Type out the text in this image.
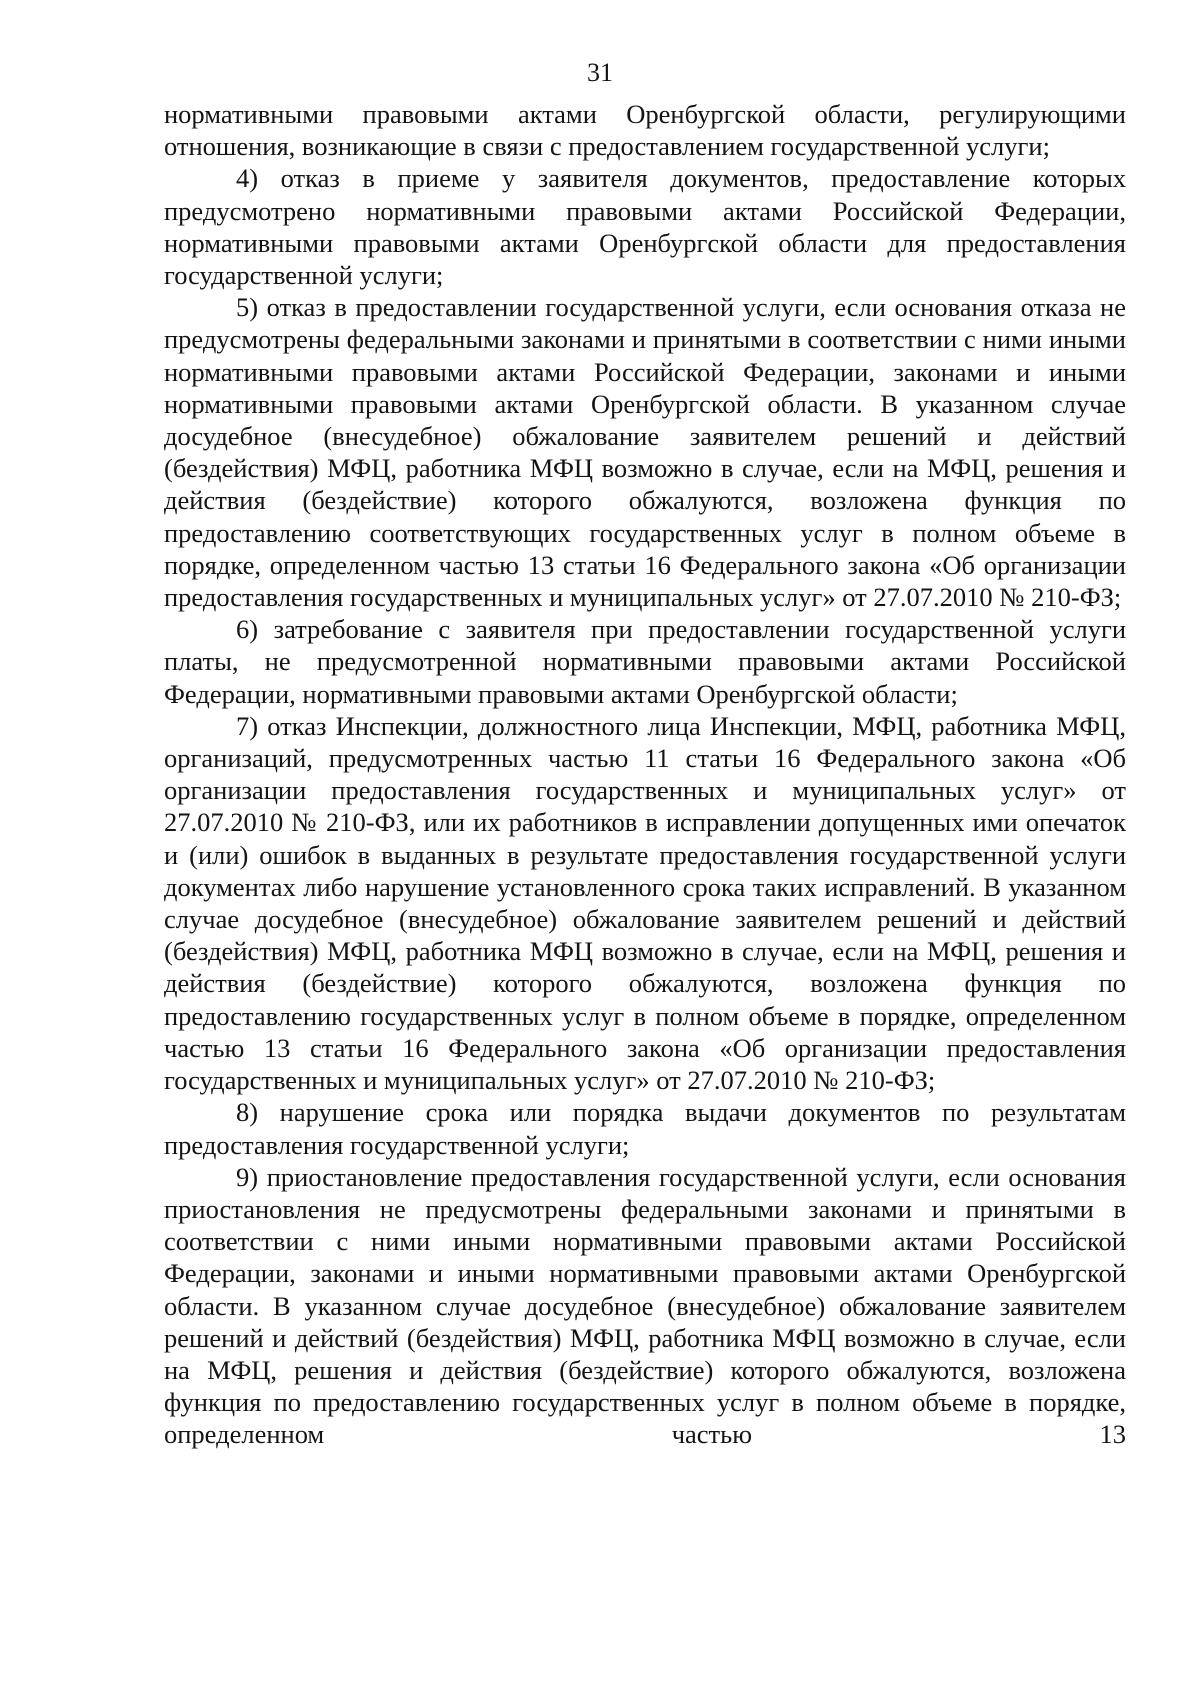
31

нормативными правовыми актами Оренбургской области, регулирующими отношения, возникающие в связи с предоставлением государственной услуги;

4) отказ в приеме у заявителя документов, предоставление которых предусмотрено нормативными правовыми актами Российской Федерации, нормативными правовыми актами Оренбургской области для предоставления государственной услуги;

5) отказ в предоставлении государственной услуги, если основания отказа не предусмотрены федеральными законами и принятыми в соответствии с ними иными нормативными правовыми актами Российской Федерации, законами и иными нормативными правовыми актами Оренбургской области. В указанном случае досудебное (внесудебное) обжалование заявителем решений и действий (бездействия) МФЦ, работника МФЦ возможно в случае, если на МФЦ, решения и действия (бездействие) которого обжалуются, возложена функция по предоставлению соответствующих государственных услуг в полном объеме в порядке, определенном частью 13 статьи 16 Федерального закона «Об организации предоставления государственных и муниципальных услуг» от 27.07.2010 № 210-ФЗ;

6) затребование с заявителя при предоставлении государственной услуги платы, не предусмотренной нормативными правовыми актами Российской Федерации, нормативными правовыми актами Оренбургской области;

7) отказ Инспекции, должностного лица Инспекции, МФЦ, работника МФЦ, организаций, предусмотренных частью 11 статьи 16 Федерального закона «Об организации предоставления государственных и муниципальных услуг» от 27.07.2010 № 210-ФЗ, или их работников в исправлении допущенных ими опечаток и (или) ошибок в выданных в результате предоставления государственной услуги документах либо нарушение установленного срока таких исправлений. В указанном случае досудебное (внесудебное) обжалование заявителем решений и действий (бездействия) МФЦ, работника МФЦ возможно в случае, если на МФЦ, решения и действия (бездействие) которого обжалуются, возложена функция по предоставлению государственных услуг в полном объеме в порядке, определенном частью 13 статьи 16 Федерального закона «Об организации предоставления государственных и муниципальных услуг» от 27.07.2010 № 210-ФЗ;

8) нарушение срока или порядка выдачи документов по результатам предоставления государственной услуги;

9) приостановление предоставления государственной услуги, если основания приостановления не предусмотрены федеральными законами и принятыми в соответствии с ними иными нормативными правовыми актами Российской Федерации, законами и иными нормативными правовыми актами Оренбургской области. В указанном случае досудебное (внесудебное) обжалование заявителем решений и действий (бездействия) МФЦ, работника МФЦ возможно в случае, если на МФЦ, решения и действия (бездействие) которого обжалуются, возложена функция по предоставлению государственных услуг в полном объеме в порядке, определенном частью 13
